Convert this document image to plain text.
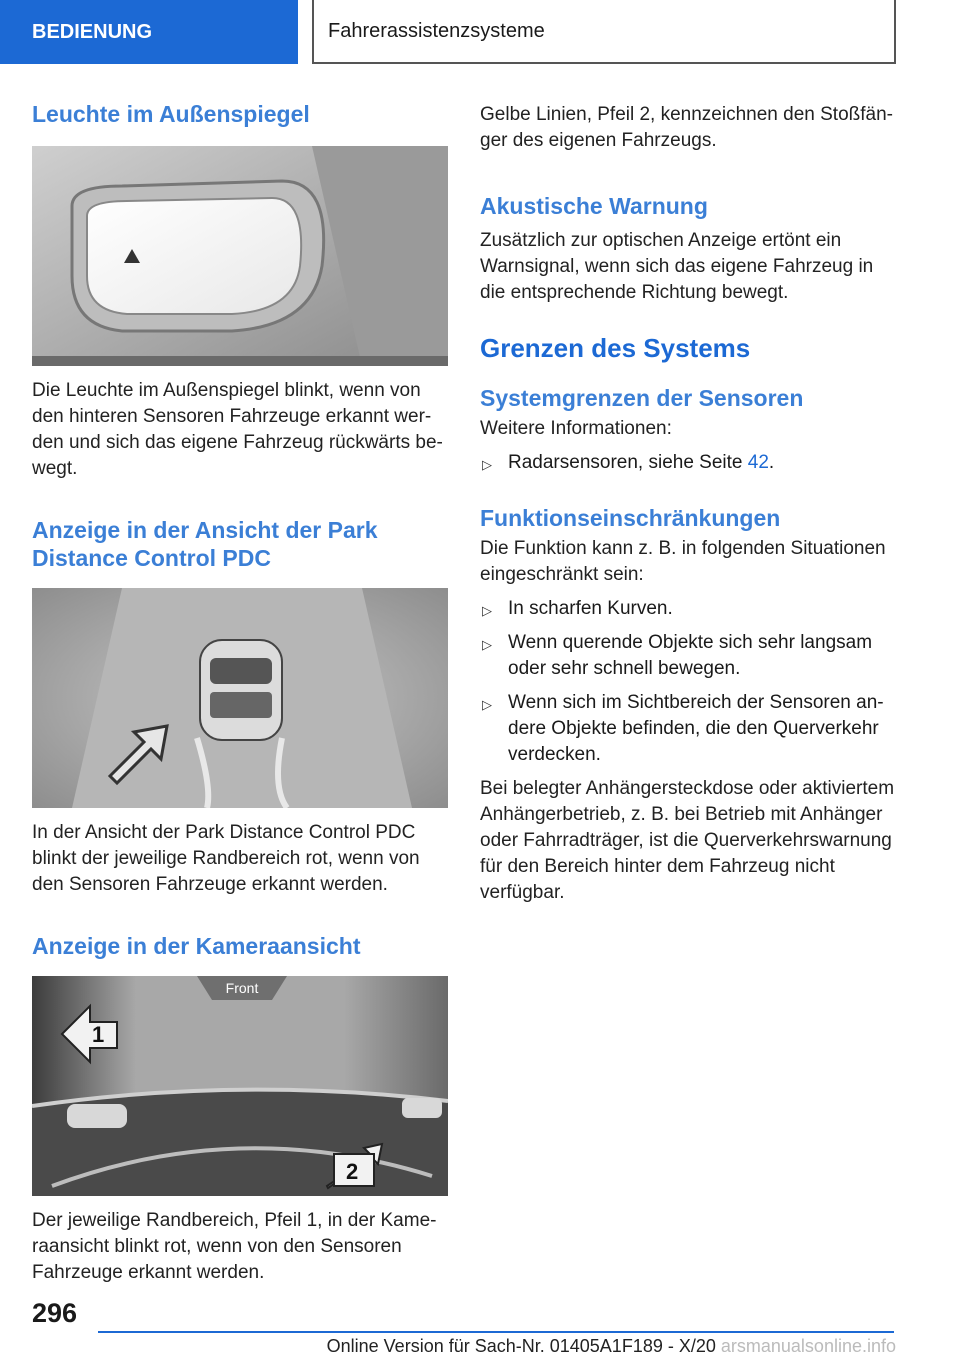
BEDIENUNG	Fahrerassistenzsysteme
Leuchte im Außenspiegel

Die Leuchte im Außenspiegel blinkt, wenn von den hinteren Sensoren Fahrzeuge erkannt werden und sich das eigene Fahrzeug rückwärts bewegt.

Anzeige in der Ansicht der Park Distance Control PDC

In der Ansicht der Park Distance Control PDC blinkt der jeweilige Randbereich rot, wenn von den Sensoren Fahrzeuge erkannt werden.

Anzeige in der Kameraansicht
Front
1
2

Der jeweilige Randbereich, Pfeil 1, in der Kameraansicht blinkt rot, wenn von den Sensoren Fahrzeuge erkannt werden.

Gelbe Linien, Pfeil 2, kennzeichnen den Stoßfänger des eigenen Fahrzeugs.

Akustische Warnung

Zusätzlich zur optischen Anzeige ertönt ein Warnsignal, wenn sich das eigene Fahrzeug in die entsprechende Richtung bewegt.

Grenzen des Systems
Systemgrenzen der Sensoren

Weitere Informationen:

▷ Radarsensoren, siehe Seite 42.
Funktionseinschränkungen

Die Funktion kann z. B. in folgenden Situationen eingeschränkt sein:

▷ In scharfen Kurven.
▷ Wenn querende Objekte sich sehr langsam oder sehr schnell bewegen.
▷ Wenn sich im Sichtbereich der Sensoren andere Objekte befinden, die den Querverkehr verdecken.

Bei belegter Anhängersteckdose oder aktiviertem Anhängerbetrieb, z. B. bei Betrieb mit Anhänger oder Fahrradträger, ist die Querverkehrswarnung für den Bereich hinter dem Fahrzeug nicht verfügbar.

296
Online Version für Sach-Nr. 01405A1F189 - X/20 arsmanualsonline.info
